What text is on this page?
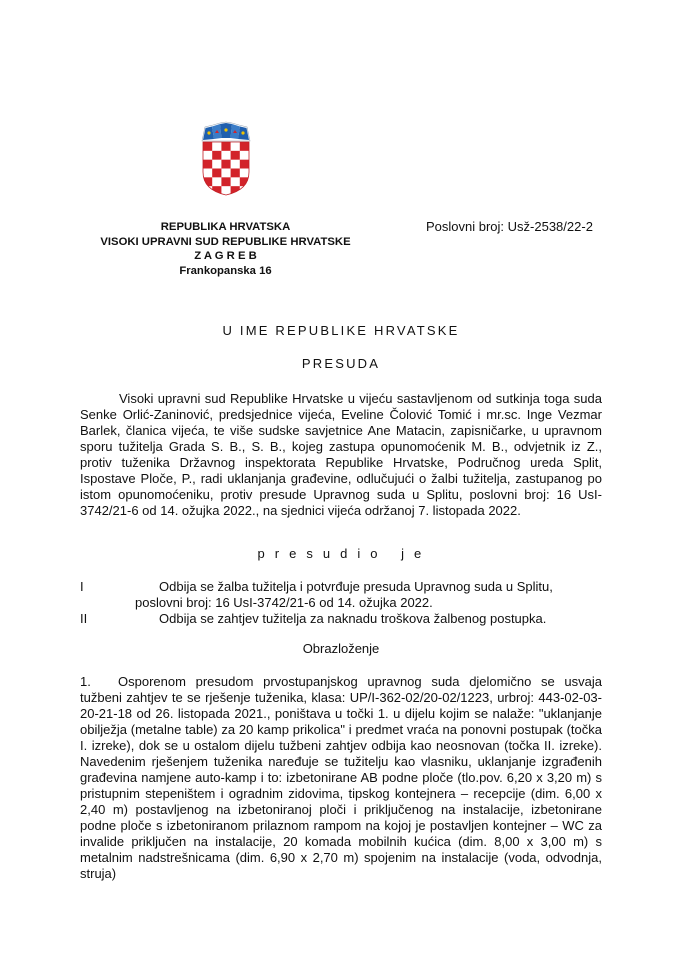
REPUBLIKA HRVATSKA
VISOKI UPRAVNI SUD REPUBLIKE HRVATSKE
Z A G R E B
Frankopanska 16
Poslovni broj: Usž-2538/22-2
U IME REPUBLIKE HRVATSKE
PRESUDA

Visoki upravni sud Republike Hrvatske u vijeću sastavljenom od sutkinja toga suda Senke Orlić-Zaninović, predsjednice vijeća, Eveline Čolović Tomić i mr.sc. Inge Vezmar Barlek, članica vijeća, te više sudske savjetnice Ane Matacin, zapisničarke, u upravnom sporu tužitelja Grada S. B., S. B., kojeg zastupa opunomoćenik M. B., odvjetnik iz Z., protiv tuženika Državnog inspektorata Republike Hrvatske, Područnog ureda Split, Ispostave Ploče, P., radi uklanjanja građevine, odlučujući o žalbi tužitelja, zastupanog po istom opunomoćeniku, protiv presude Upravnog suda u Splitu, poslovni broj: 16 UsI-3742/21-6 od 14. ožujka 2022., na sjednici vijeća održanoj 7. listopada 2022.

p r e s u d i o   j e
I	Odbija se žalba tužitelja i potvrđuje presuda Upravnog suda u Splitu,
poslovni broj: 16 UsI-3742/21-6 od 14. ožujka 2022.
II	Odbija se zahtjev tužitelja za naknadu troškova žalbenog postupka.
Obrazloženje

1. Osporenom presudom prvostupanjskog upravnog suda djelomično se usvaja tužbeni zahtjev te se rješenje tuženika, klasa: UP/I-362-02/20-02/1223, urbroj: 443-02-03-20-21-18 od 26. listopada 2021., poništava u točki 1. u dijelu kojim se nalaže: "uklanjanje obilježja (metalne table) za 20 kamp prikolica" i predmet vraća na ponovni postupak (točka I. izreke), dok se u ostalom dijelu tužbeni zahtjev odbija kao neosnovan (točka II. izreke). Navedenim rješenjem tuženika naređuje se tužitelju kao vlasniku, uklanjanje izgrađenih građevina namjene auto-kamp i to: izbetonirane AB podne ploče (tlo.pov. 6,20 x 3,20 m) s pristupnim stepeništem i ogradnim zidovima, tipskog kontejnera – recepcije (dim. 6,00 x 2,40 m) postavljenog na izbetoniranoj ploči i priključenog na instalacije, izbetonirane podne ploče s izbetoniranom prilaznom rampom na kojoj je postavljen kontejner – WC za invalide priključen na instalacije, 20 komada mobilnih kućica (dim. 8,00 x 3,00 m) s metalnim nadstrešnicama (dim. 6,90 x 2,70 m) spojenim na instalacije (voda, odvodnja, struja)
